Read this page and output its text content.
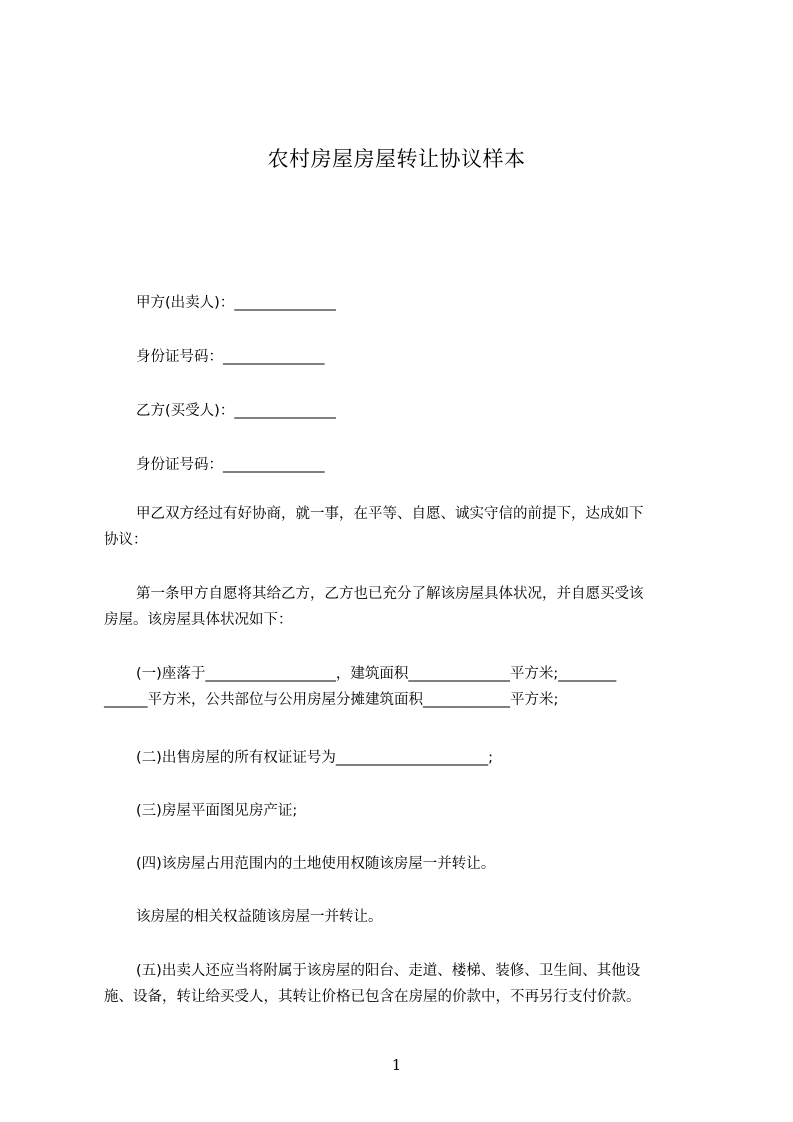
农村房屋房屋转让协议样本
甲方(出卖人)：______________
身份证号码：______________
乙方(买受人)：______________
身份证号码：______________
甲乙双方经过有好协商，就一事，在平等、自愿、诚实守信的前提下，达成如下
协议：
第一条甲方自愿将其给乙方，乙方也已充分了解该房屋具体状况，并自愿买受该
房屋。该房屋具体状况如下：
(一)座落于__________________，建筑面积______________平方米;________
______平方米，公共部位与公用房屋分摊建筑面积____________平方米;
(二)出售房屋的所有权证证号为_____________________;
(三)房屋平面图见房产证;
(四)该房屋占用范围内的土地使用权随该房屋一并转让。
该房屋的相关权益随该房屋一并转让。
(五)出卖人还应当将附属于该房屋的阳台、走道、楼梯、装修、卫生间、其他设
施、设备，转让给买受人，其转让价格已包含在房屋的价款中，不再另行支付价款。
1
